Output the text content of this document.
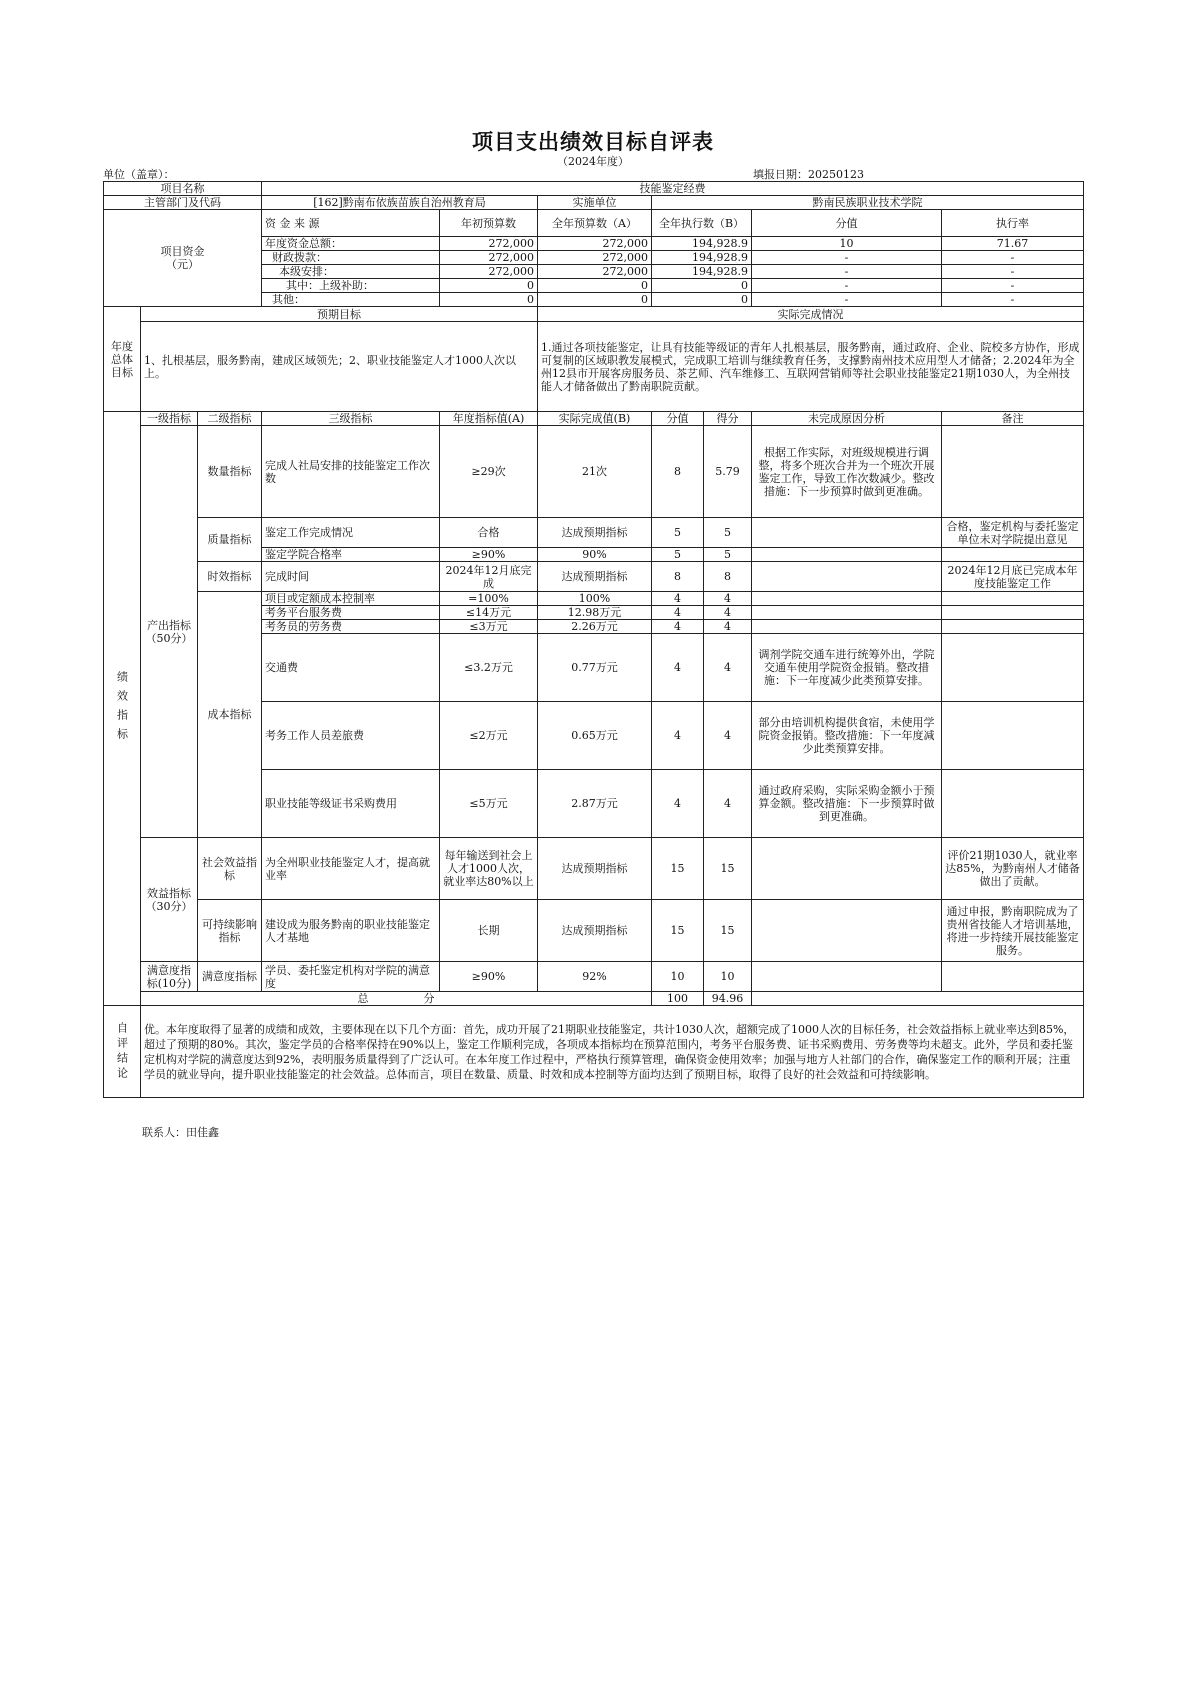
项目支出绩效目标自评表
（2024年度）
单位（盖章）：	填报日期：20250123
项目名称			技能鉴定经费							
主管部门及代码			[162]黔南布依族苗族自治州教育局		实施单位	黔南民族职业技术学院				

项目资金
（元）			资 金 来 源	年初预算数	全年预算数（A）	全年执行数（B）		分值	执行率	
			年度资金总额：	272,000	272,000	194,928.9		10	71.67	
			财政拨款：	272,000	272,000	194,928.9		-	-	
			本级安排：	272,000	272,000	194,928.9		-	-	
			其中：上级补助：	0	0	0		-	-	
			其他：	0	0	0		-	-	

年度
总体
目标	预期目标				实际完成情况					
	1、扎根基层，服务黔南，建成区域领先；2、职业技能鉴定人才1000人次以上。				1.通过各项技能鉴定，让具有技能等级证的青年人扎根基层，服务黔南，通过政府、企业、院校多方协作，形成可复制的区域职教发展模式，完成职工培训与继续教育任务，支撑黔南州技术应用型人才储备；2.2024年为全州12县市开展客房服务员、茶艺师、汽车维修工、互联网营销师等社会职业技能鉴定21期1030人，为全州技能人才储备做出了黔南职院贡献。					

绩效指标	一级指标	二级指标	三级指标	年度指标值(A)	实际完成值(B)	分值	得分	未完成原因分析	备注	
	产出指标（50分）	数量指标	完成人社局安排的技能鉴定工作次数	≥29次	21次	8	5.79	根据工作实际，对班级规模进行调整，将多个班次合并为一个班次开展鉴定工作，导致工作次数减少。整改措施：下一步预算时做到更准确。		
		质量指标	鉴定工作完成情况	合格	达成预期指标	5	5		合格，鉴定机构与委托鉴定单位未对学院提出意见	
			鉴定学院合格率	≥90%	90%	5	5			
		时效指标	完成时间	2024年12月底完成	达成预期指标	8	8		2024年12月底已完成本年度技能鉴定工作	
		成本指标	项目或定额成本控制率	=100%	100%	4	4			
			考务平台服务费	≤14万元	12.98万元	4	4			
			考务员的劳务费	≤3万元	2.26万元	4	4			
			交通费	≤3.2万元	0.77万元	4	4	调剂学院交通车进行统筹外出，学院交通车使用学院资金报销。整改措施：下一年度减少此类预算安排。		
			考务工作人员差旅费	≤2万元	0.65万元	4	4	部分由培训机构提供食宿，未使用学院资金报销。整改措施：下一年度减少此类预算安排。		
			职业技能等级证书采购费用	≤5万元	2.87万元	4	4	通过政府采购，实际采购金额小于预算金额。整改措施：下一步预算时做到更准确。		
	效益指标（30分）	社会效益指标	为全州职业技能鉴定人才，提高就业率	每年输送到社会上人才1000人次，就业率达80%以上	达成预期指标	15	15		评价21期1030人，就业率达85%，为黔南州人才储备做出了贡献。	
		可持续影响指标	建设成为服务黔南的职业技能鉴定人才基地	长期	达成预期指标	15	15		通过申报，黔南职院成为了贵州省技能人才培训基地，将进一步持续开展技能鉴定服务。	
	满意度指标(10分)	满意度指标	学员、委托鉴定机构对学院的满意度	≥90%	92%	10	10			
	总　　　　　分					100	94.96			

自评结论	优。本年度取得了显著的成绩和成效，主要体现在以下几个方面：首先，成功开展了21期职业技能鉴定，共计1030人次，超额完成了1000人次的目标任务，社会效益指标上就业率达到85%，超过了预期的80%。其次，鉴定学员的合格率保持在90%以上，鉴定工作顺利完成，各项成本指标均在预算范围内，考务平台服务费、证书采购费用、劳务费等均未超支。此外，学员和委托鉴定机构对学院的满意度达到92%，表明服务质量得到了广泛认可。在本年度工作过程中，严格执行预算管理，确保资金使用效率；加强与地方人社部门的合作，确保鉴定工作的顺利开展；注重学员的就业导向，提升职业技能鉴定的社会效益。总体而言，项目在数量、质量、时效和成本控制等方面均达到了预期目标，取得了良好的社会效益和可持续影响。									
联系人：田佳鑫
